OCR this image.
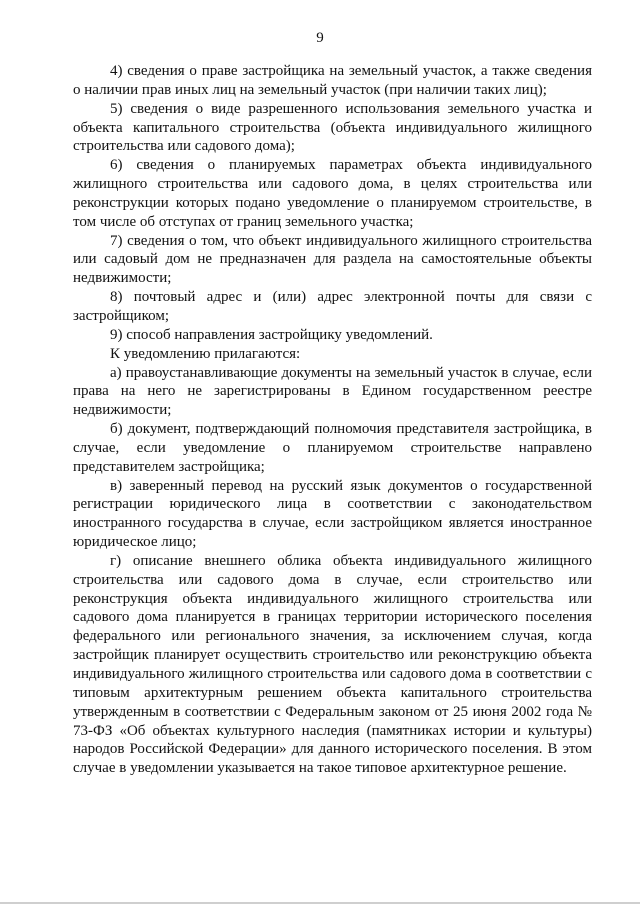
9

4) сведения о праве застройщика на земельный участок, а также сведения о наличии прав иных лиц на земельный участок (при наличии таких лиц);

5) сведения о виде разрешенного использования земельного участка и объекта капитального строительства (объекта индивидуального жилищного строительства или садового дома);

6) сведения о планируемых параметрах объекта индивидуального жилищного строительства или садового дома, в целях строительства или реконструкции которых подано уведомление о планируемом строительстве, в том числе об отступах от границ земельного участка;

7) сведения о том, что объект индивидуального жилищного строительства или садовый дом не предназначен для раздела на самостоятельные объекты недвижимости;

8) почтовый адрес и (или) адрес электронной почты для связи с застройщиком;

9) способ направления застройщику уведомлений.

К уведомлению прилагаются:

а) правоустанавливающие документы на земельный участок в случае, если права на него не зарегистрированы в Едином государственном реестре недвижимости;

б) документ, подтверждающий полномочия представителя застройщика, в случае, если уведомление о планируемом строительстве направлено представителем застройщика;

в) заверенный перевод на русский язык документов о государственной регистрации юридического лица в соответствии с законодательством иностранного государства в случае, если застройщиком является иностранное юридическое лицо;

г) описание внешнего облика объекта индивидуального жилищного строительства или садового дома в случае, если строительство или реконструкция объекта индивидуального жилищного строительства или садового дома планируется в границах территории исторического поселения федерального или регионального значения, за исключением случая, когда застройщик планирует осуществить строительство или реконструкцию объекта индивидуального жилищного строительства или садового дома в соответствии с типовым архитектурным решением объекта капитального строительства утвержденным в соответствии с Федеральным законом от 25 июня 2002 года № 73-ФЗ «Об объектах культурного наследия (памятниках истории и культуры) народов Российской Федерации» для данного исторического поселения. В этом случае в уведомлении указывается на такое типовое архитектурное решение.
